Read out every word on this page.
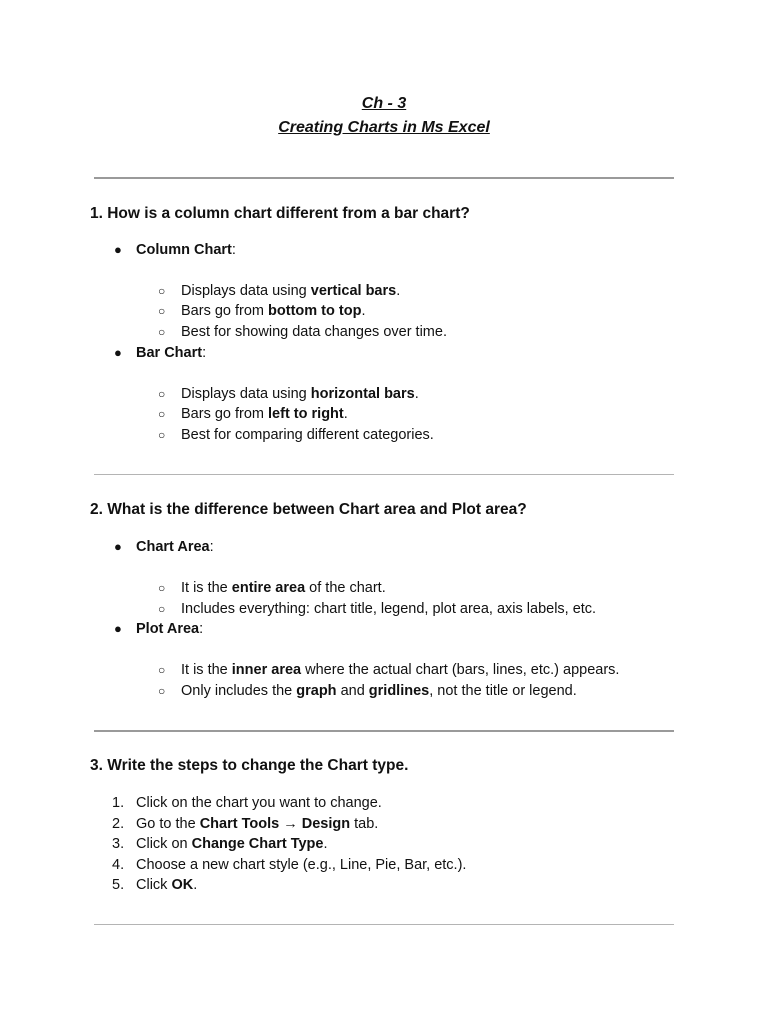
Ch - 3
Creating Charts in Ms Excel
1. How is a column chart different from a bar chart?
● Column Chart:
○ Displays data using vertical bars.
○ Bars go from bottom to top.
○ Best for showing data changes over time.
● Bar Chart:
○ Displays data using horizontal bars.
○ Bars go from left to right.
○ Best for comparing different categories.
2. What is the difference between Chart area and Plot area?
● Chart Area:
○ It is the entire area of the chart.
○ Includes everything: chart title, legend, plot area, axis labels, etc.
● Plot Area:
○ It is the inner area where the actual chart (bars, lines, etc.) appears.
○ Only includes the graph and gridlines, not the title or legend.
3. Write the steps to change the Chart type.
1. Click on the chart you want to change.
2. Go to the Chart Tools → Design tab.
3. Click on Change Chart Type.
4. Choose a new chart style (e.g., Line, Pie, Bar, etc.).
5. Click OK.
